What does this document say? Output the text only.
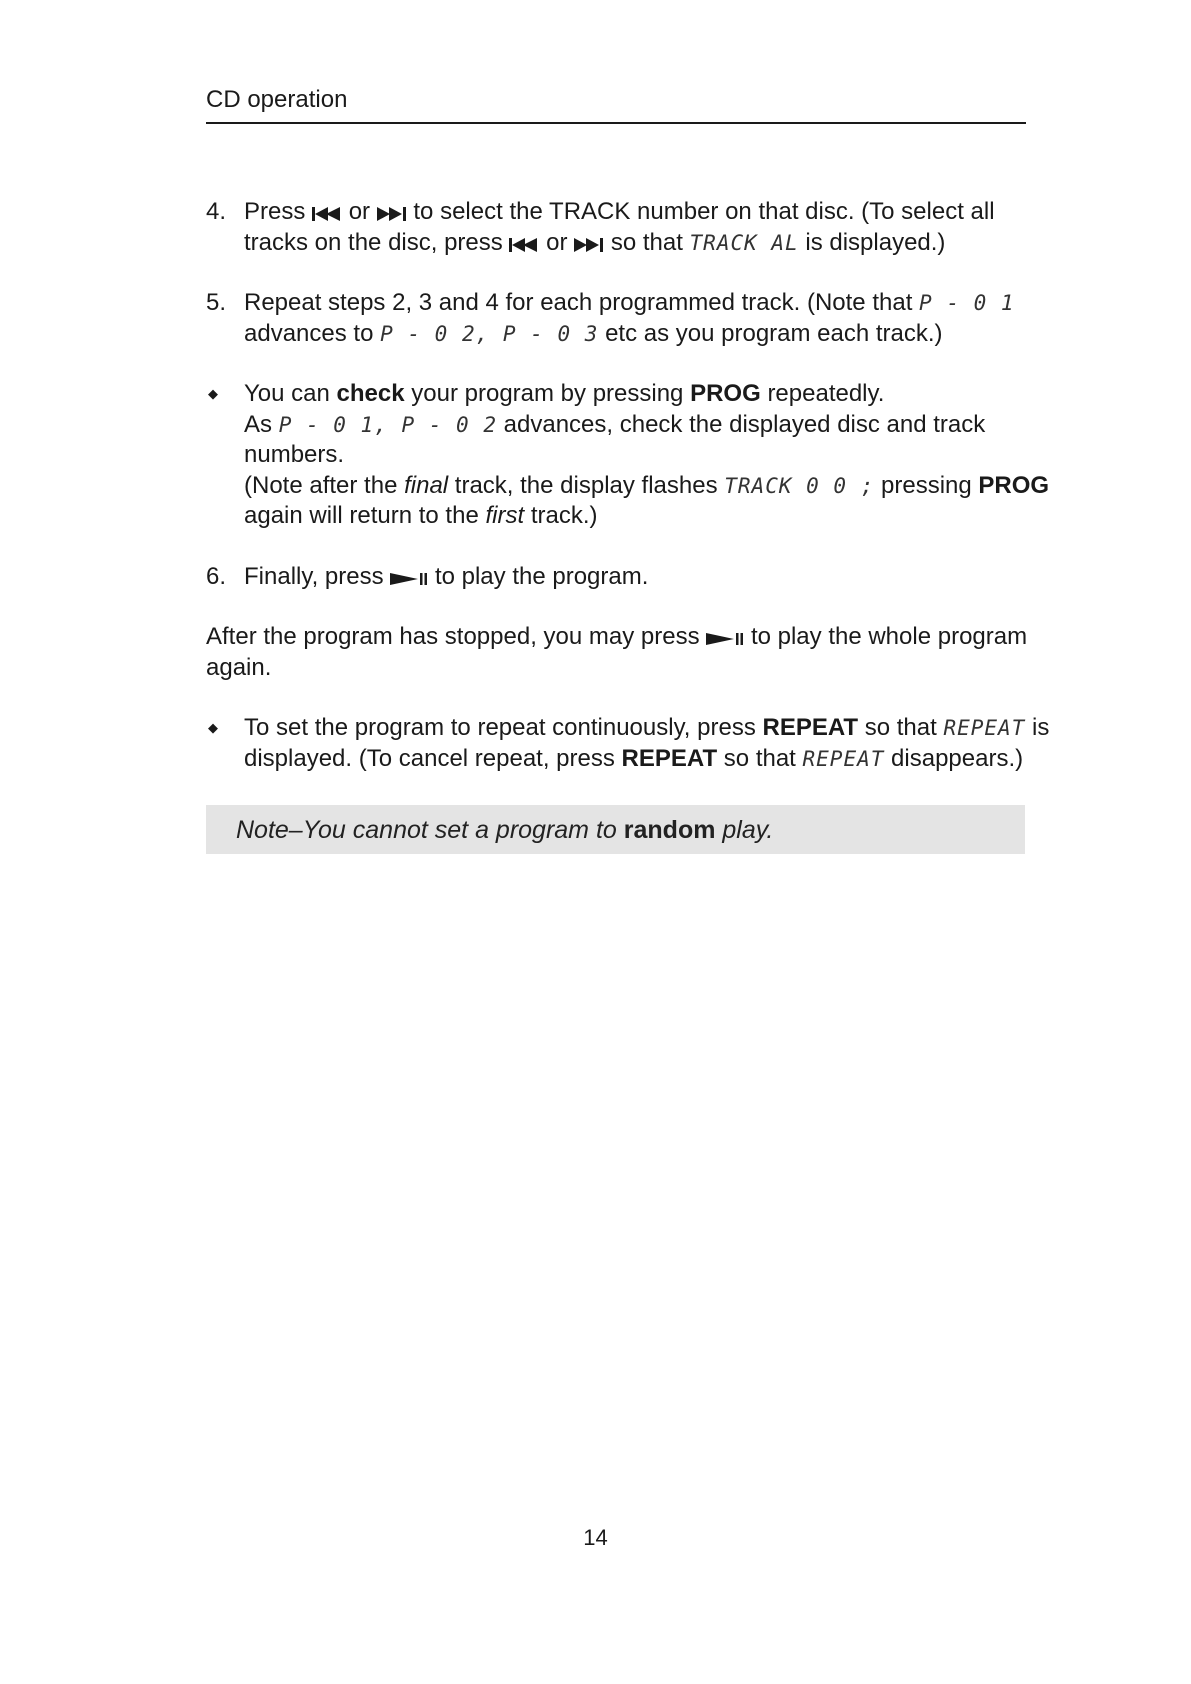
CD operation
4. Press or to select the TRACK number on that disc. (To select all tracks on the disc, press or so that TRACK AL is displayed.)
5. Repeat steps 2, 3 and 4 for each programmed track. (Note that P - 0 1 advances to P - 0 2, P - 0 3 etc as you program each track.)
◆ You can check your program by pressing PROG repeatedly.
As P - 0 1, P - 0 2 advances, check the displayed disc and track numbers.
(Note after the final track, the display flashes TRACK 0 0 ; pressing PROG
again will return to the first track.)
6. Finally, press to play the program.
After the program has stopped, you may press to play the whole program again.
◆ To set the program to repeat continuously, press REPEAT so that REPEAT is displayed. (To cancel repeat, press REPEAT so that REPEAT disappears.)
Note–You cannot set a program to random play.
14
